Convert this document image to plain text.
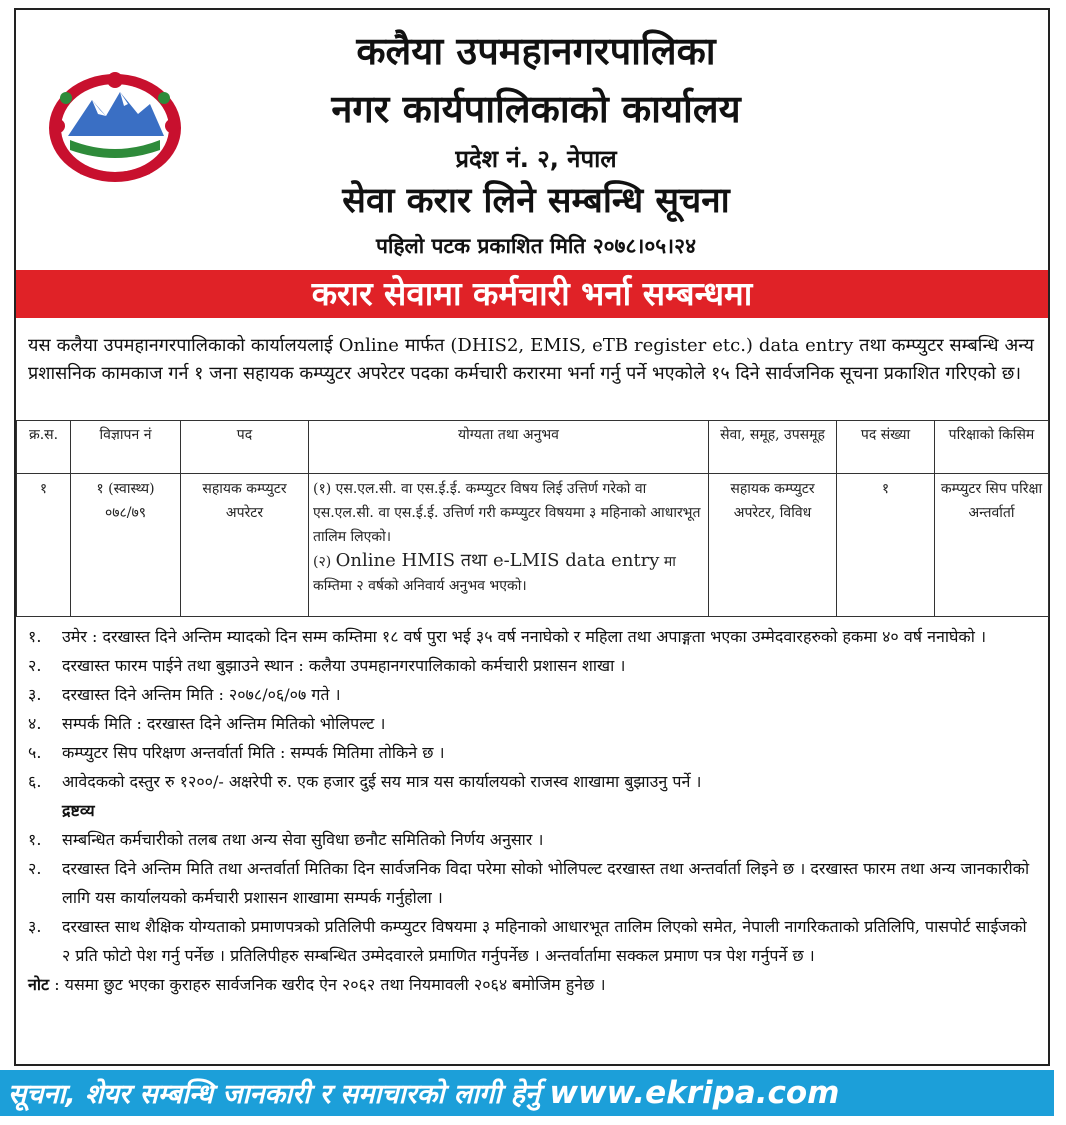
कलैया उपमहानगरपालिका
नगर कार्यपालिकाको कार्यालय
प्रदेश नं. २, नेपाल
सेवा करार लिने सम्बन्धि सूचना
पहिलो पटक प्रकाशित मिति २०७८।०५।२४
करार सेवामा कर्मचारी भर्ना सम्बन्धमा
यस कलैया उपमहानगरपालिकाको कार्यालयलाई Online मार्फत (DHIS2, EMIS, eTB register etc.) data entry तथा कम्प्युटर सम्बन्धि अन्य प्रशासनिक कामकाज गर्न १ जना सहायक कम्प्युटर अपरेटर पदका कर्मचारी करारमा भर्ना गर्नु पर्ने भएकोले १५ दिने सार्वजनिक सूचना प्रकाशित गरिएको छ।
क्र.स.	विज्ञापन नं	पद	योग्यता तथा अनुभव	सेवा, समूह, उपसमूह	पद संख्या	परिक्षाको किसिम
१	१ (स्वास्थ्य) ०७८/७९	सहायक कम्प्युटर अपरेटर	(१) एस.एल.सी. वा एस.ई.ई. कम्प्युटर विषय लिई उत्तिर्ण गरेको वा एस.एल.सी. वा एस.ई.ई. उत्तिर्ण गरी कम्प्युटर विषयमा ३ महिनाको आधारभूत तालिम लिएको।
(२) Online HMIS तथा e-LMIS data entry मा कम्तिमा २ वर्षको अनिवार्य अनुभव भएको।	सहायक कम्प्युटर अपरेटर, विविध	१	कम्प्युटर सिप परिक्षा अन्तर्वार्ता
१.	उमेर : दरखास्त दिने अन्तिम म्यादको दिन सम्म कम्तिमा १८ वर्ष पुरा भई ३५ वर्ष ननाघेको र महिला तथा अपाङ्गता भएका उम्मेदवारहरुको हकमा ४० वर्ष ननाघेको ।
२.	दरखास्त फारम पाईने तथा बुझाउने स्थान : कलैया उपमहानगरपालिकाको कर्मचारी प्रशासन शाखा ।
३.	दरखास्त दिने अन्तिम मिति : २०७८/०६/०७ गते ।
४.	सम्पर्क मिति : दरखास्त दिने अन्तिम मितिको भोलिपल्ट ।
५.	कम्प्युटर सिप परिक्षण अन्तर्वार्ता मिति : सम्पर्क मितिमा तोकिने छ ।
६.	आवेदकको दस्तुर रु १२००/- अक्षरेपी रु. एक हजार दुई सय मात्र यस कार्यालयको राजस्व शाखामा बुझाउनु पर्ने ।
द्रष्टव्य
१.	सम्बन्धित कर्मचारीको तलब तथा अन्य सेवा सुविधा छनौट समितिको निर्णय अनुसार ।
२.	दरखास्त दिने अन्तिम मिति तथा अन्तर्वार्ता मितिका दिन सार्वजनिक विदा परेमा सोको भोलिपल्ट दरखास्त तथा अन्तर्वार्ता लिइने छ । दरखास्त फारम तथा अन्य जानकारीको लागि यस कार्यालयको कर्मचारी प्रशासन शाखामा सम्पर्क गर्नुहोला ।
३.	दरखास्त साथ शैक्षिक योग्यताको प्रमाणपत्रको प्रतिलिपी कम्प्युटर विषयमा ३ महिनाको आधारभूत तालिम लिएको समेत, नेपाली नागरिकताको प्रतिलिपि, पासपोर्ट साईजको २ प्रति फोटो पेश गर्नु पर्नेछ । प्रतिलिपीहरु सम्बन्धित उम्मेदवारले प्रमाणित गर्नुपर्नेछ । अन्तर्वार्तामा सक्कल प्रमाण पत्र पेश गर्नुपर्ने छ ।
नोट : यसमा छुट भएका कुराहरु सार्वजनिक खरीद ऐन २०६२ तथा नियमावली २०६४ बमोजिम हुनेछ ।
सूचना, शेयर सम्बन्धि जानकारी र समाचारको लागी हेर्नु www.ekripa.com
